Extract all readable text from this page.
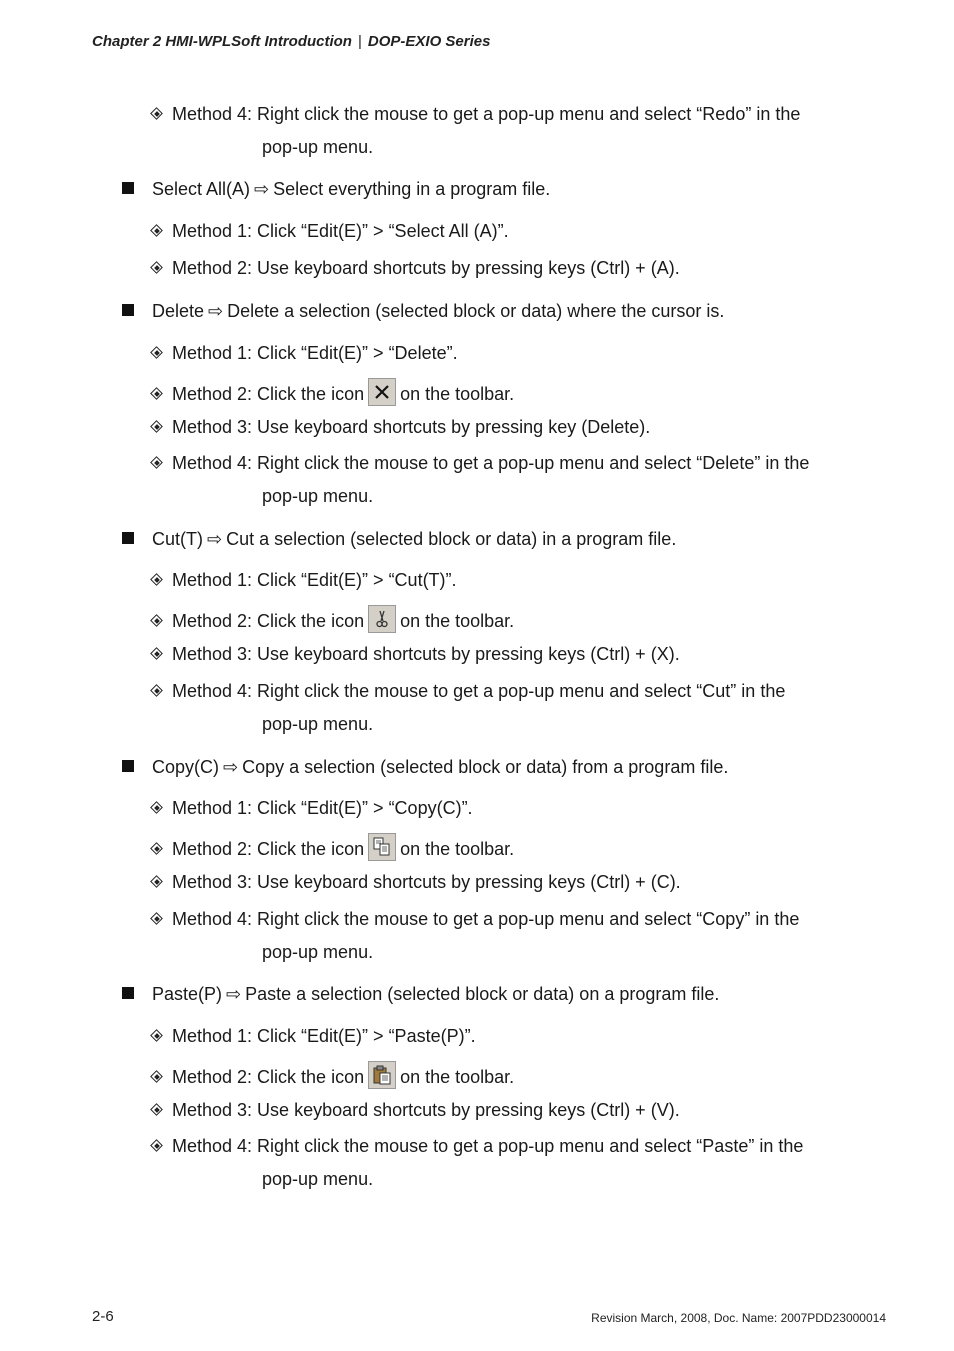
Chapter 2 HMI-WPLSoft Introduction | DOP-EXIO Series
Method 4: Right click the mouse to get a pop-up menu and select “Redo” in the
pop-up menu.
Select All(A) ⇨ Select everything in a program file.
Method 1: Click “Edit(E)” > “Select All (A)”.
Method 2: Use keyboard shortcuts by pressing keys (Ctrl) + (A).
Delete ⇨ Delete a selection (selected block or data) where the cursor is.
Method 1: Click “Edit(E)” > “Delete”.
Method 2: Click the icon on the toolbar.
Method 3: Use keyboard shortcuts by pressing key (Delete).
Method 4: Right click the mouse to get a pop-up menu and select “Delete” in the
pop-up menu.
Cut(T) ⇨ Cut a selection (selected block or data) in a program file.
Method 1: Click “Edit(E)” > “Cut(T)”.
Method 2: Click the icon on the toolbar.
Method 3: Use keyboard shortcuts by pressing keys (Ctrl) + (X).
Method 4: Right click the mouse to get a pop-up menu and select “Cut” in the
pop-up menu.
Copy(C) ⇨ Copy a selection (selected block or data) from a program file.
Method 1: Click “Edit(E)” > “Copy(C)”.
Method 2: Click the icon on the toolbar.
Method 3: Use keyboard shortcuts by pressing keys (Ctrl) + (C).
Method 4: Right click the mouse to get a pop-up menu and select “Copy” in the
pop-up menu.
Paste(P) ⇨ Paste a selection (selected block or data) on a program file.
Method 1: Click “Edit(E)” > “Paste(P)”.
Method 2: Click the icon on the toolbar.
Method 3: Use keyboard shortcuts by pressing keys (Ctrl) + (V).
Method 4: Right click the mouse to get a pop-up menu and select “Paste” in the
pop-up menu.
2-6	Revision March, 2008, Doc. Name: 2007PDD23000014
